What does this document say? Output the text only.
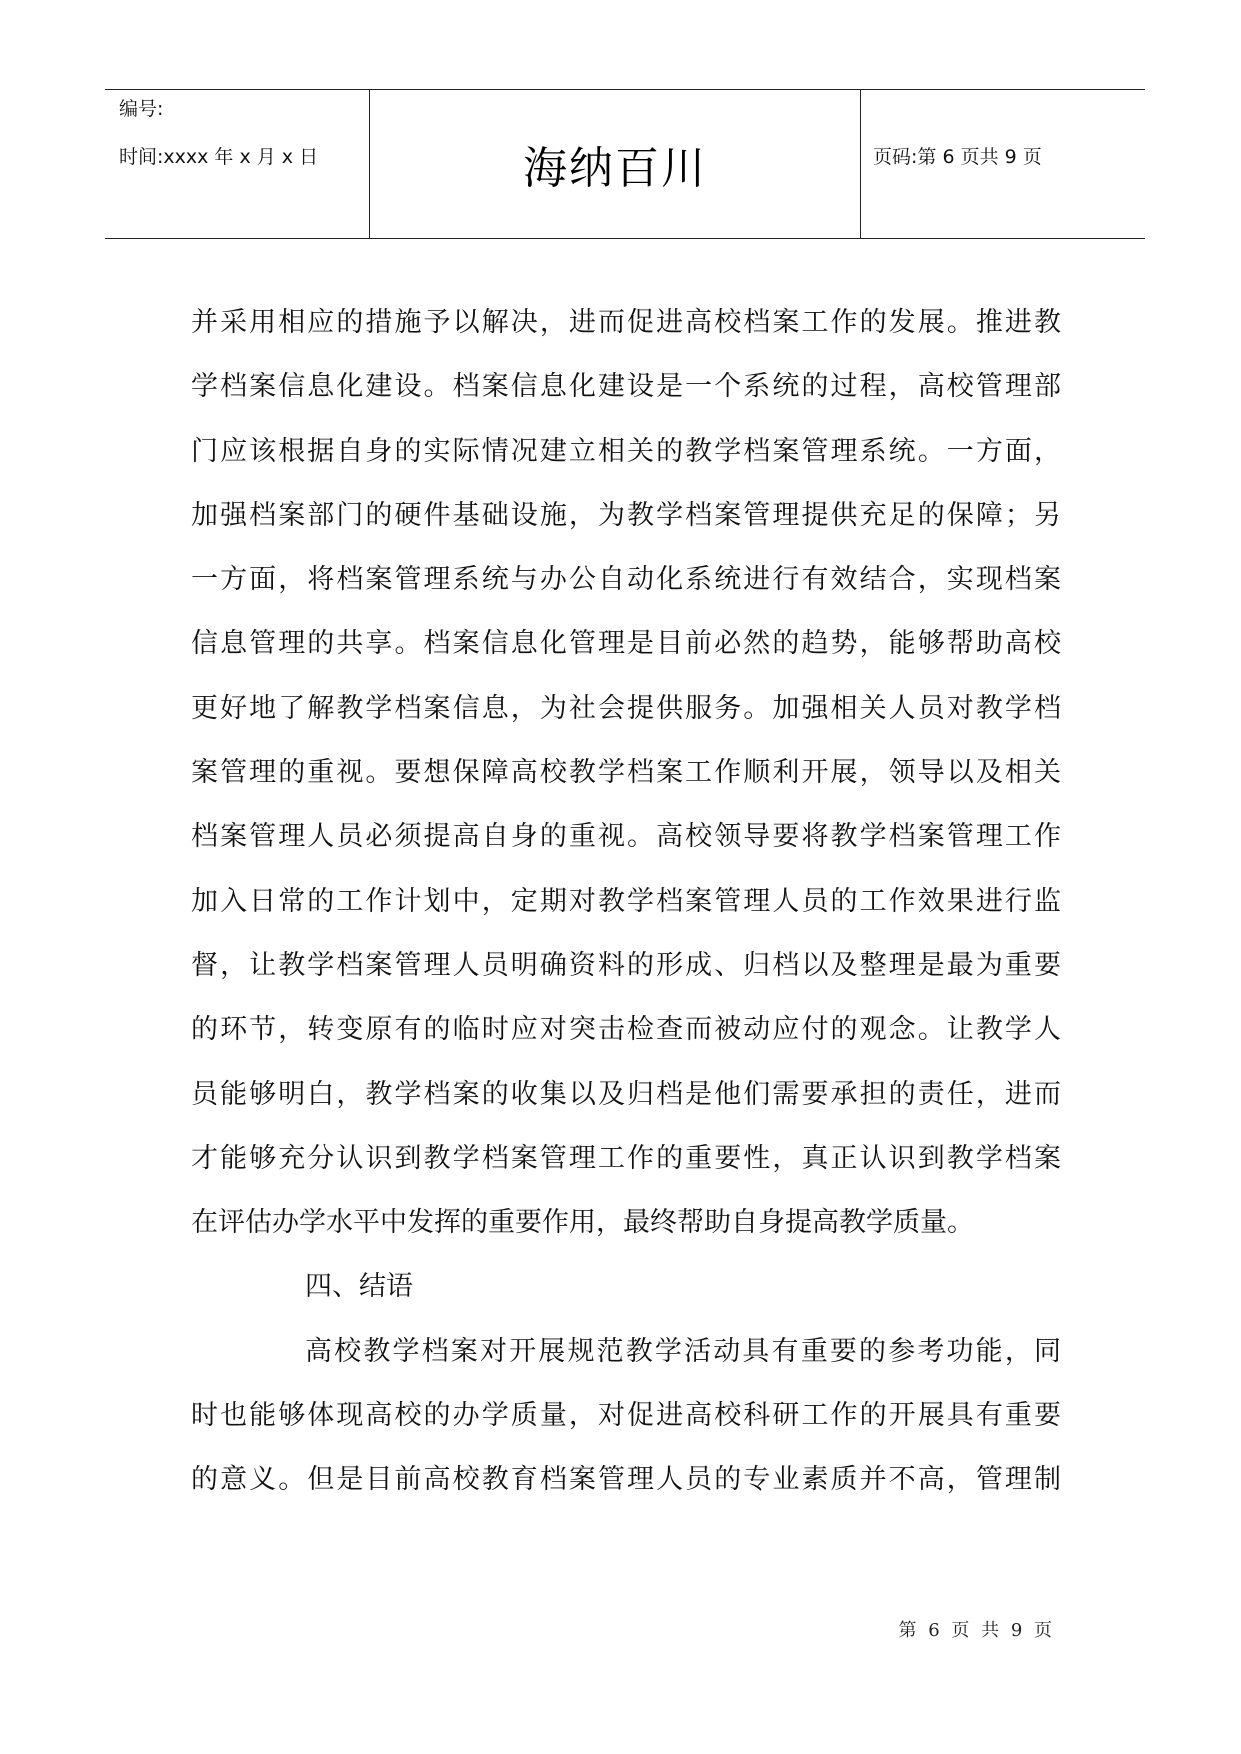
编号:
时间:xxxx 年 x 月 x 日	海纳百川	页码:第 6 页共 9 页
并采用相应的措施予以解决，进而促进高校档案工作的发展。推进教
学档案信息化建设。档案信息化建设是一个系统的过程，高校管理部
门应该根据自身的实际情况建立相关的教学档案管理系统。一方面，
加强档案部门的硬件基础设施，为教学档案管理提供充足的保障；另
一方面，将档案管理系统与办公自动化系统进行有效结合，实现档案
信息管理的共享。档案信息化管理是目前必然的趋势，能够帮助高校
更好地了解教学档案信息，为社会提供服务。加强相关人员对教学档
案管理的重视。要想保障高校教学档案工作顺利开展，领导以及相关
档案管理人员必须提高自身的重视。高校领导要将教学档案管理工作
加入日常的工作计划中，定期对教学档案管理人员的工作效果进行监
督，让教学档案管理人员明确资料的形成、归档以及整理是最为重要
的环节，转变原有的临时应对突击检查而被动应付的观念。让教学人
员能够明白，教学档案的收集以及归档是他们需要承担的责任，进而
才能够充分认识到教学档案管理工作的重要性，真正认识到教学档案
在评估办学水平中发挥的重要作用，最终帮助自身提高教学质量。
四、结语
高校教学档案对开展规范教学活动具有重要的参考功能，同
时也能够体现高校的办学质量，对促进高校科研工作的开展具有重要
的意义。但是目前高校教育档案管理人员的专业素质并不高，管理制
第 6 页 共 9 页
